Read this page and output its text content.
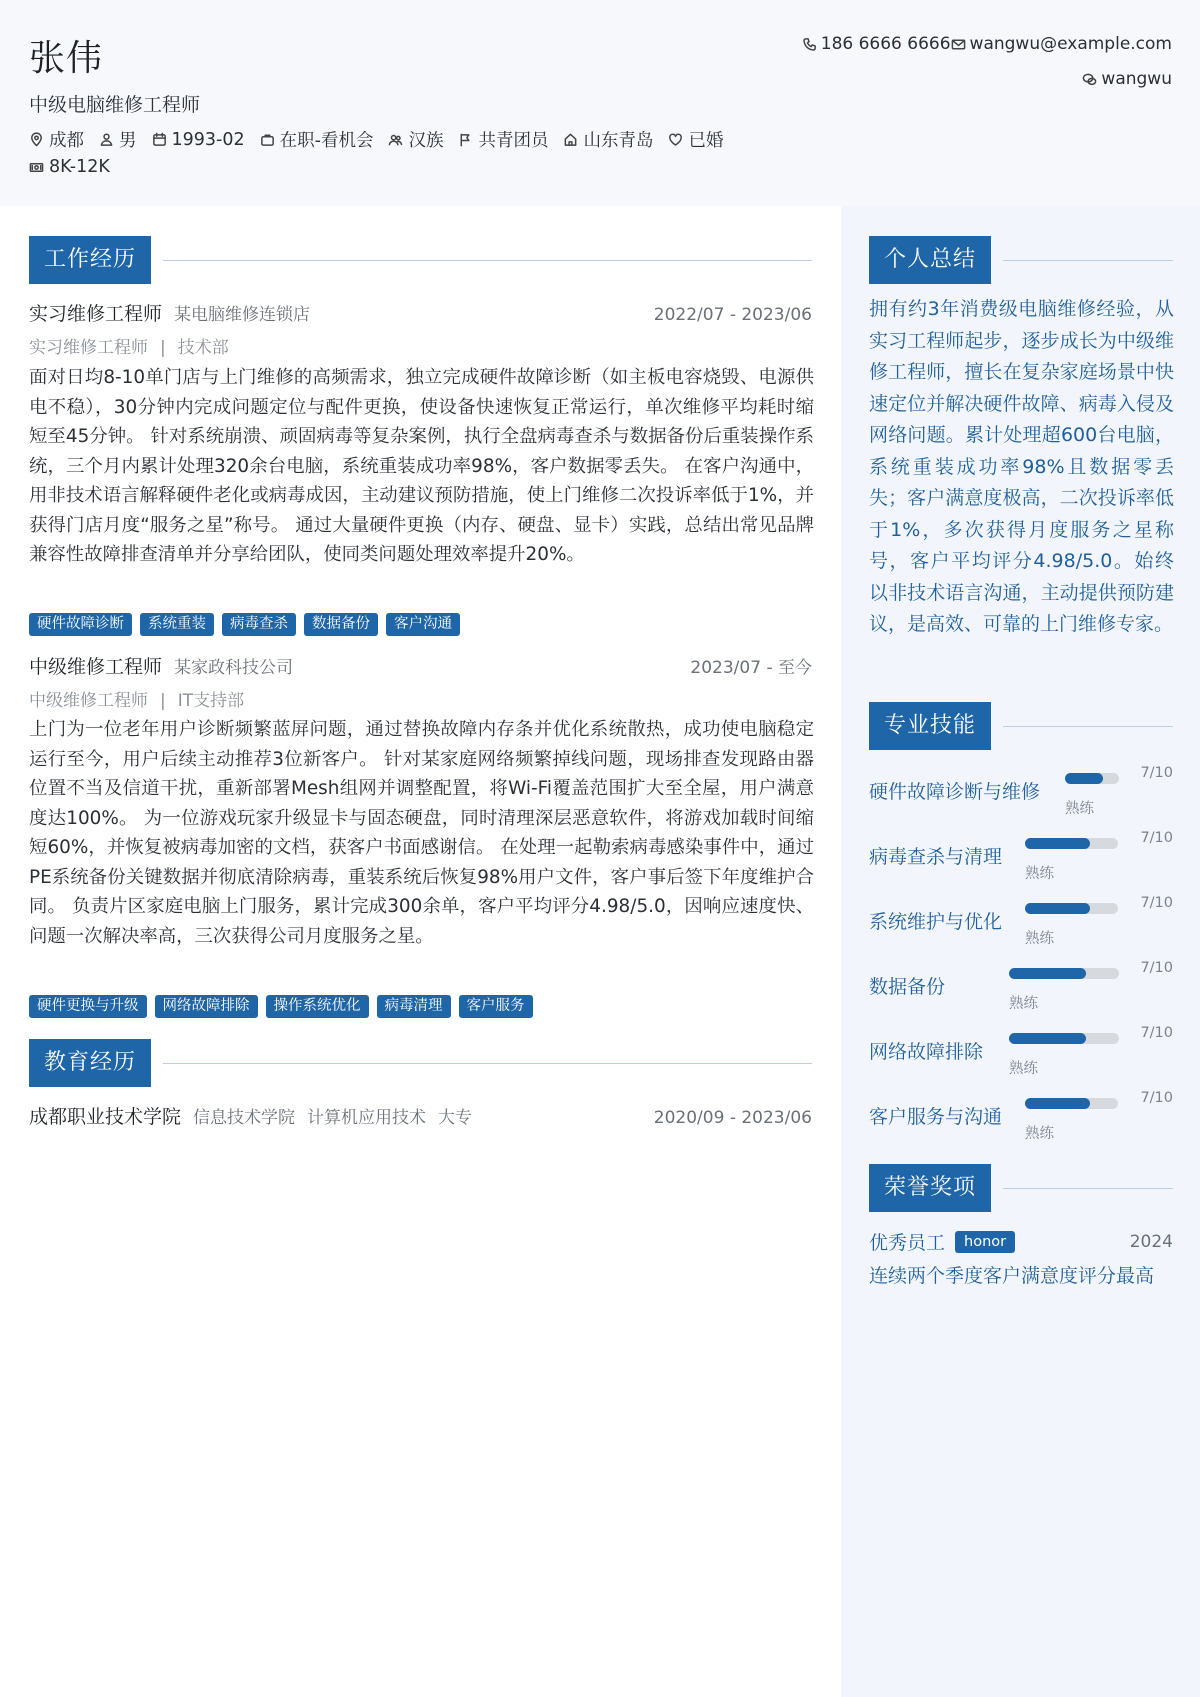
张伟
中级电脑维修工程师
成都 男 1993-02 在职-看机会 汉族 共青团员 山东青岛 已婚
8K-12K
186 6666 6666 wangwu@example.com
wangwu
工作经历
实习维修工程师 某电脑维修连锁店	2022/07 - 2023/06
实习维修工程师 | 技术部
面对日均8-10单门店与上门维修的高频需求，独立完成硬件故障诊断（如主板电容烧毁、电源供电不稳），30分钟内完成问题定位与配件更换，使设备快速恢复正常运行，单次维修平均耗时缩短至45分钟。 针对系统崩溃、顽固病毒等复杂案例，执行全盘病毒查杀与数据备份后重装操作系统，三个月内累计处理320余台电脑，系统重装成功率98%，客户数据零丢失。 在客户沟通中，用非技术语言解释硬件老化或病毒成因，主动建议预防措施，使上门维修二次投诉率低于1%，并获得门店月度“服务之星”称号。 通过大量硬件更换（内存、硬盘、显卡）实践，总结出常见品牌兼容性故障排查清单并分享给团队，使同类问题处理效率提升20%。
硬件故障诊断	系统重装	病毒查杀	数据备份	客户沟通
中级维修工程师 某家政科技公司	2023/07 - 至今
中级维修工程师 | IT支持部
上门为一位老年用户诊断频繁蓝屏问题，通过替换故障内存条并优化系统散热，成功使电脑稳定运行至今，用户后续主动推荐3位新客户。 针对某家庭网络频繁掉线问题，现场排查发现路由器位置不当及信道干扰，重新部署Mesh组网并调整配置，将Wi-Fi覆盖范围扩大至全屋，用户满意度达100%。 为一位游戏玩家升级显卡与固态硬盘，同时清理深层恶意软件，将游戏加载时间缩短60%，并恢复被病毒加密的文档，获客户书面感谢信。 在处理一起勒索病毒感染事件中，通过PE系统备份关键数据并彻底清除病毒，重装系统后恢复98%用户文件，客户事后签下年度维护合同。 负责片区家庭电脑上门服务，累计完成300余单，客户平均评分4.98/5.0，因响应速度快、问题一次解决率高，三次获得公司月度服务之星。
硬件更换与升级	网络故障排除	操作系统优化	病毒清理	客户服务
教育经历
成都职业技术学院 信息技术学院 计算机应用技术 大专	2020/09 - 2023/06
个人总结
拥有约3年消费级电脑维修经验，从实习工程师起步，逐步成长为中级维修工程师，擅长在复杂家庭场景中快速定位并解决硬件故障、病毒入侵及网络问题。累计处理超600台电脑，系统重装成功率98%且数据零丢失；客户满意度极高，二次投诉率低于1%，多次获得月度服务之星称号，客户平均评分4.98/5.0。始终以非技术语言沟通，主动提供预防建议，是高效、可靠的上门维修专家。
专业技能
硬件故障诊断与维修
熟练
7/10
病毒查杀与清理
熟练
7/10
系统维护与优化
熟练
7/10
数据备份
熟练
7/10
网络故障排除
熟练
7/10
客户服务与沟通
熟练
7/10
荣誉奖项
优秀员工	honor	2024
连续两个季度客户满意度评分最高
